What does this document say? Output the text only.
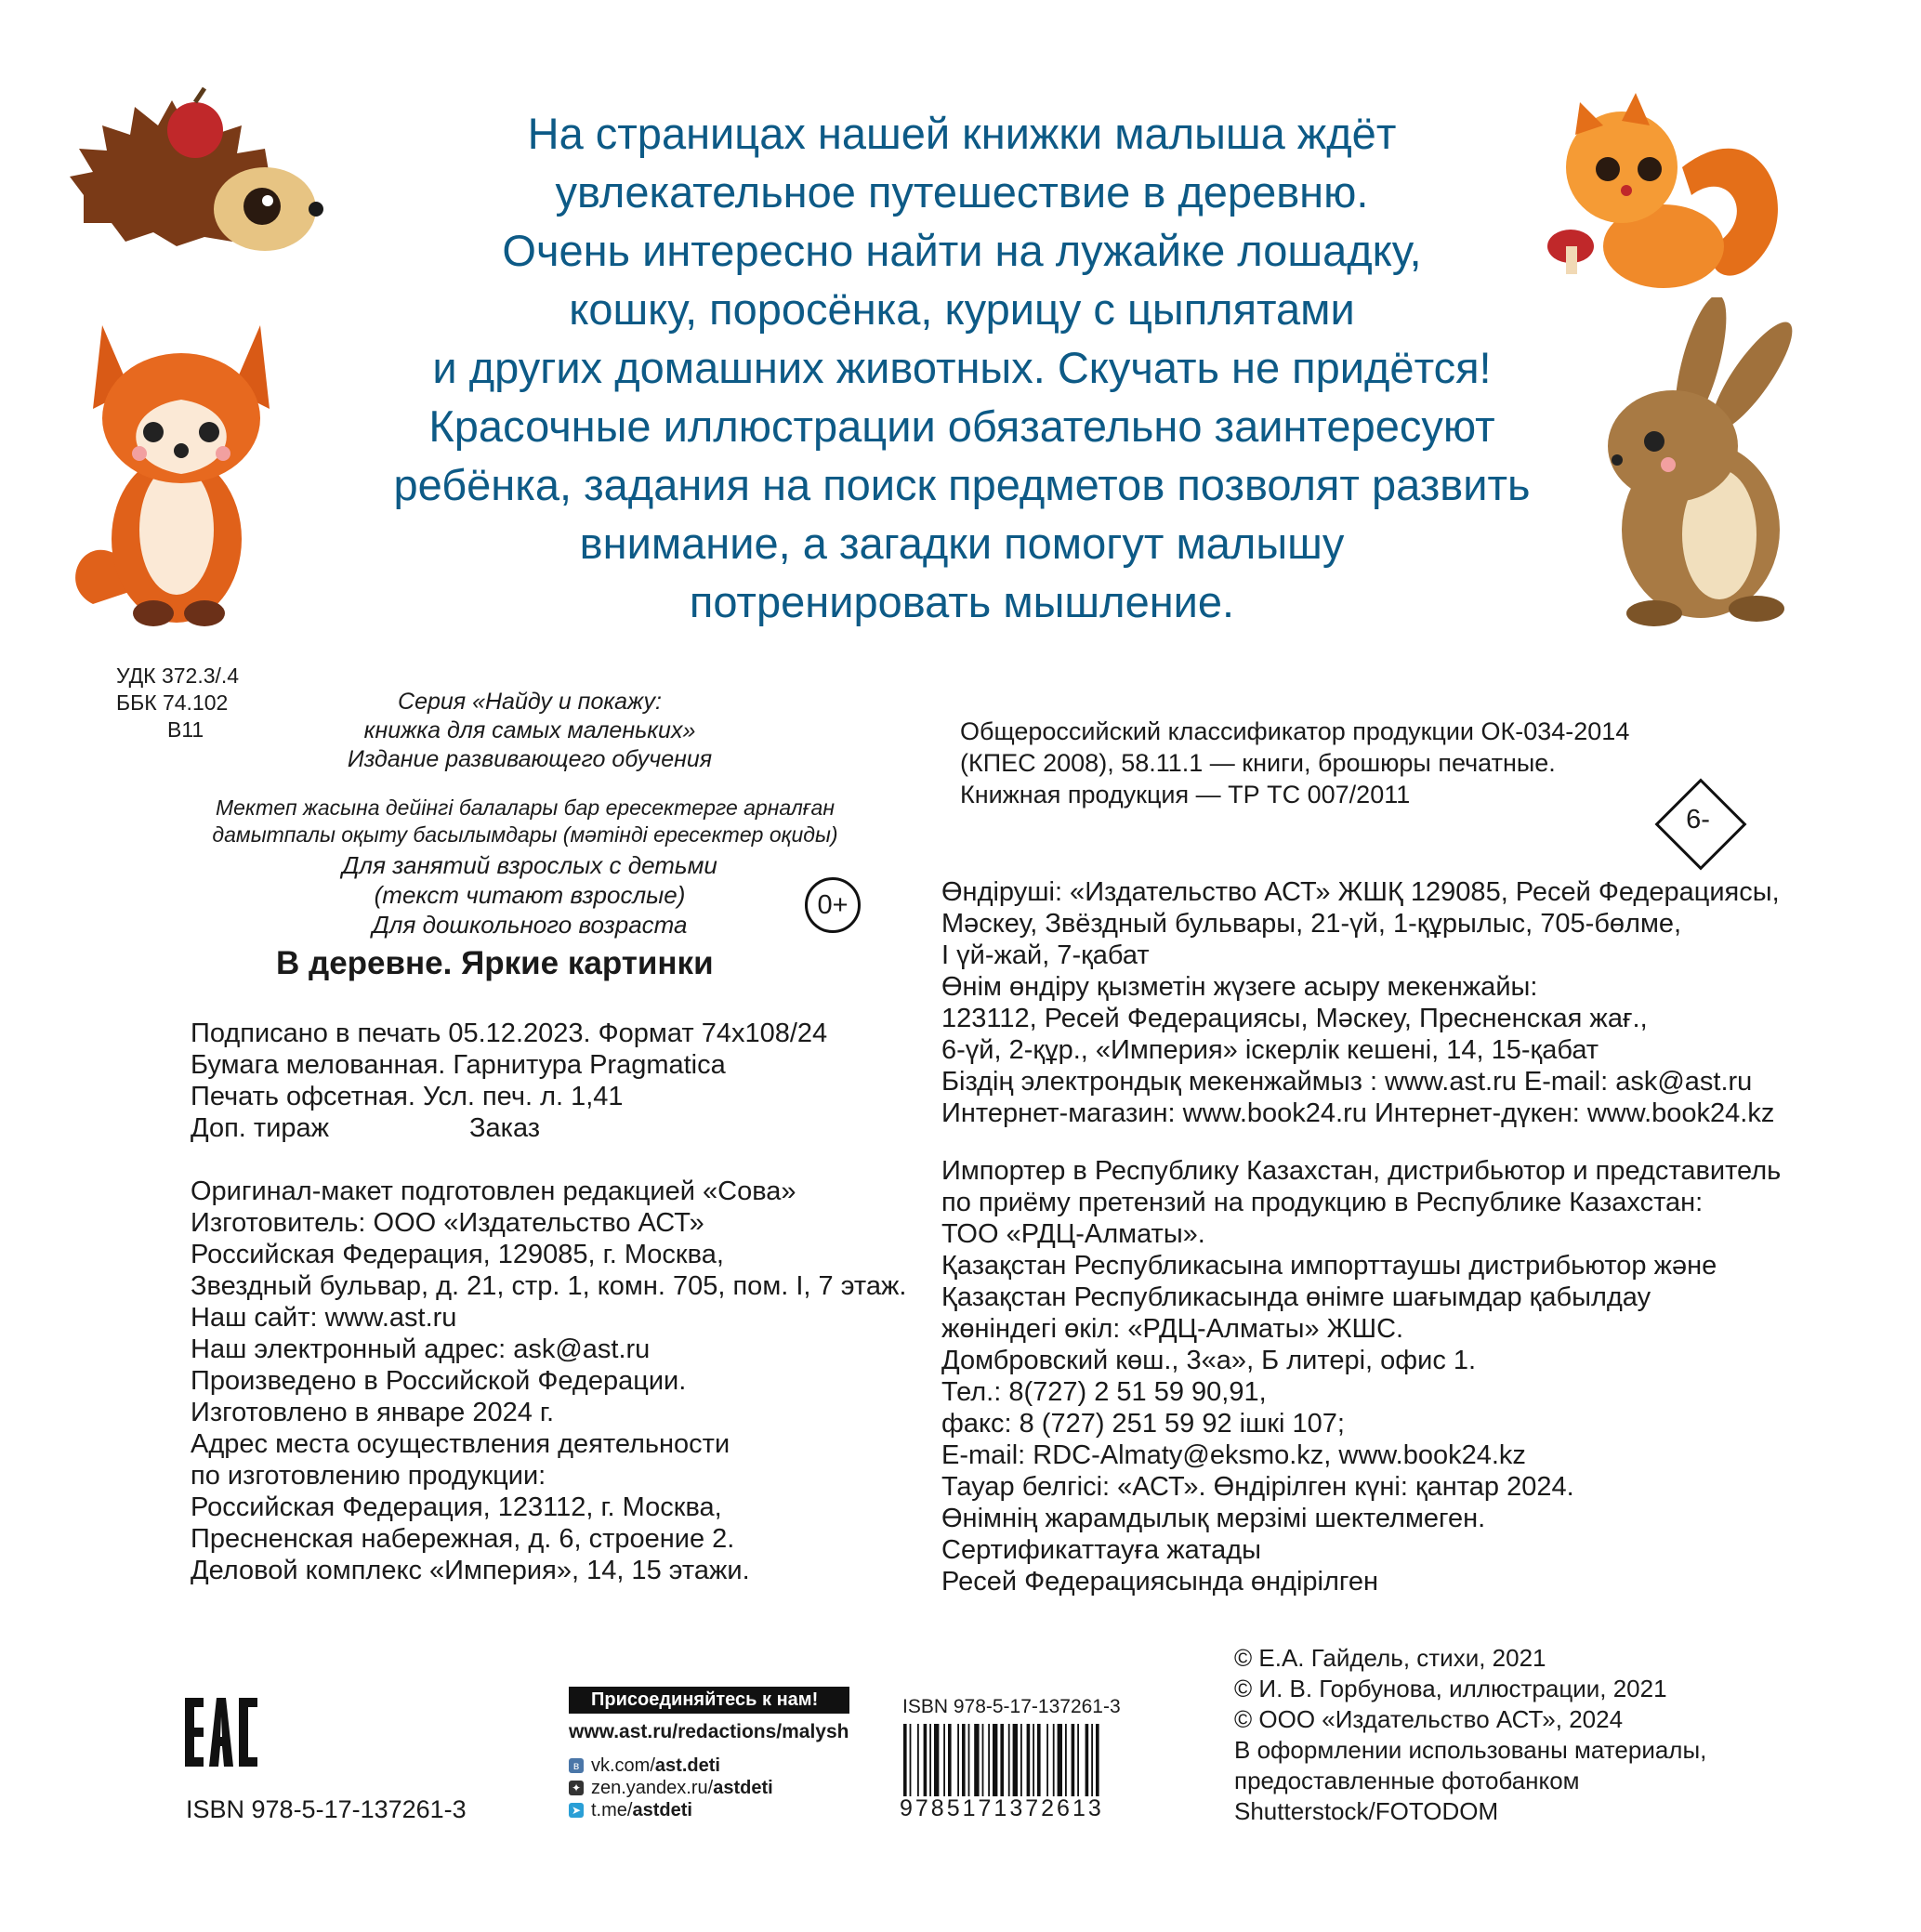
На страницах нашей книжки малыша ждёт
увлекательное путешествие в деревню.
Очень интересно найти на лужайке лошадку,
кошку, поросёнка, курицу с цыплятами
и других домашних животных. Скучать не придётся!
Красочные иллюстрации обязательно заинтересуют
ребёнка, задания на поиск предметов позволят развить
внимание, а загадки помогут малышу
потренировать мышление.
УДК 372.3/.4
ББК 74.102
В11
Серия «Найду и покажу:
книжка для самых маленьких»
Издание развивающего обучения
Мектеп жасына дейінгі балалары бар ересектерге арналған
дамытпалы оқыту басылымдары (мәтінді ересектер оқиды)
Для занятий взрослых с детьми
(текст читают взрослые)
Для дошкольного возраста
0+
В деревне. Яркие картинки
Подписано в печать 05.12.2023. Формат 74x108/24
Бумага мелованная. Гарнитура Pragmatica
Печать офсетная. Усл. печ. л. 1,41
Доп. тираж	Заказ
Оригинал-макет подготовлен редакцией «Сова»
Изготовитель: ООО «Издательство АСТ»
Российская Федерация, 129085, г. Москва,
Звездный бульвар, д. 21, стр. 1, комн. 705, пом. I, 7 этаж.
Наш сайт: www.ast.ru
Наш электронный адрес: ask@ast.ru
Произведено в Российской Федерации.
Изготовлено в январе 2024 г.
Адрес места осуществления деятельности
по изготовлению продукции:
Российская Федерация, 123112, г. Москва,
Пресненская набережная, д. 6, строение 2.
Деловой комплекс «Империя», 14, 15 этажи.
Общероссийский классификатор продукции ОК-034-2014
(КПЕС 2008), 58.11.1 — книги, брошюры печатные.
Книжная продукция — ТР ТС 007/2011
6-
Өндіруші: «Издательство АСТ» ЖШҚ 129085, Ресей Федерациясы,
Мәскеу, Звёздный бульвары, 21-үй, 1-құрылыс, 705-бөлме,
I үй-жай, 7-қабат
Өнім өндіру қызметін жүзеге асыру мекенжайы:
123112, Ресей Федерациясы, Мәскеу, Пресненская жағ.,
6-үй, 2-құр., «Империя» іскерлік кешені, 14, 15-қабат
Біздің электрондық мекенжаймыз : www.ast.ru E-mail: ask@ast.ru
Интернет-магазин: www.book24.ru Интернет-дүкен: www.book24.kz
Импортер в Республику Казахстан, дистрибьютор и представитель
по приёму претензий на продукцию в Республике Казахстан:
ТОО «РДЦ-Алматы».
Қазақстан Республикасына импорттаушы дистрибьютор және
Қазақстан Республикасында өнімге шағымдар қабылдау
жөніндегі өкіл: «РДЦ-Алматы» ЖШС.
Домбровский көш., 3«а», Б литері, офис 1.
Тел.: 8(727) 2 51 59 90,91,
факс: 8 (727) 251 59 92 ішкі 107;
E-mail: RDC-Almaty@eksmo.kz, www.book24.kz
Тауар белгісі: «АСТ». Өндірілген күні: қантар 2024.
Өнімнің жарамдылық мерзімі шектелмеген.
Сертификаттауға жатады
Ресей Федерациясында өндірілген
© Е.А. Гайдель, стихи, 2021
© И. В. Горбунова, иллюстрации, 2021
© ООО «Издательство АСТ», 2024
В оформлении использованы материалы,
предоставленные фотобанком
Shutterstock/FOTODOM
ISBN 978-5-17-137261-3
Присоединяйтесь к нам!
www.ast.ru/redactions/malysh
в vk.com/ast.deti
✦ zen.yandex.ru/astdeti
➤ t.me/astdeti
ISBN 978-5-17-137261-3
9785171372613
